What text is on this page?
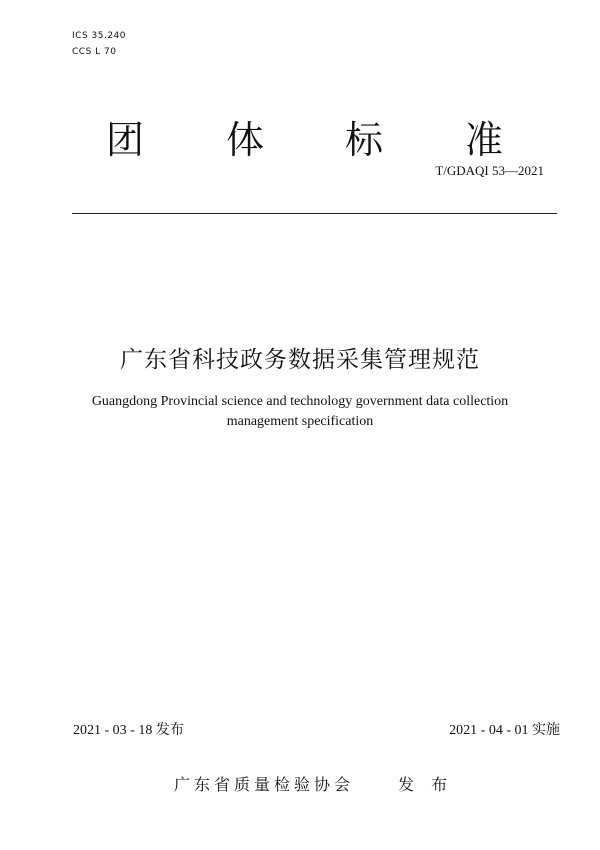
ICS 35.240
CCS L 70
团 体 标 准
T/GDAQI 53—2021
广东省科技政务数据采集管理规范
Guangdong Provincial science and technology government data collection
management specification
2021 - 03 - 18 发布	2021 - 04 - 01 实施
广东省质量检验协会	发 布
